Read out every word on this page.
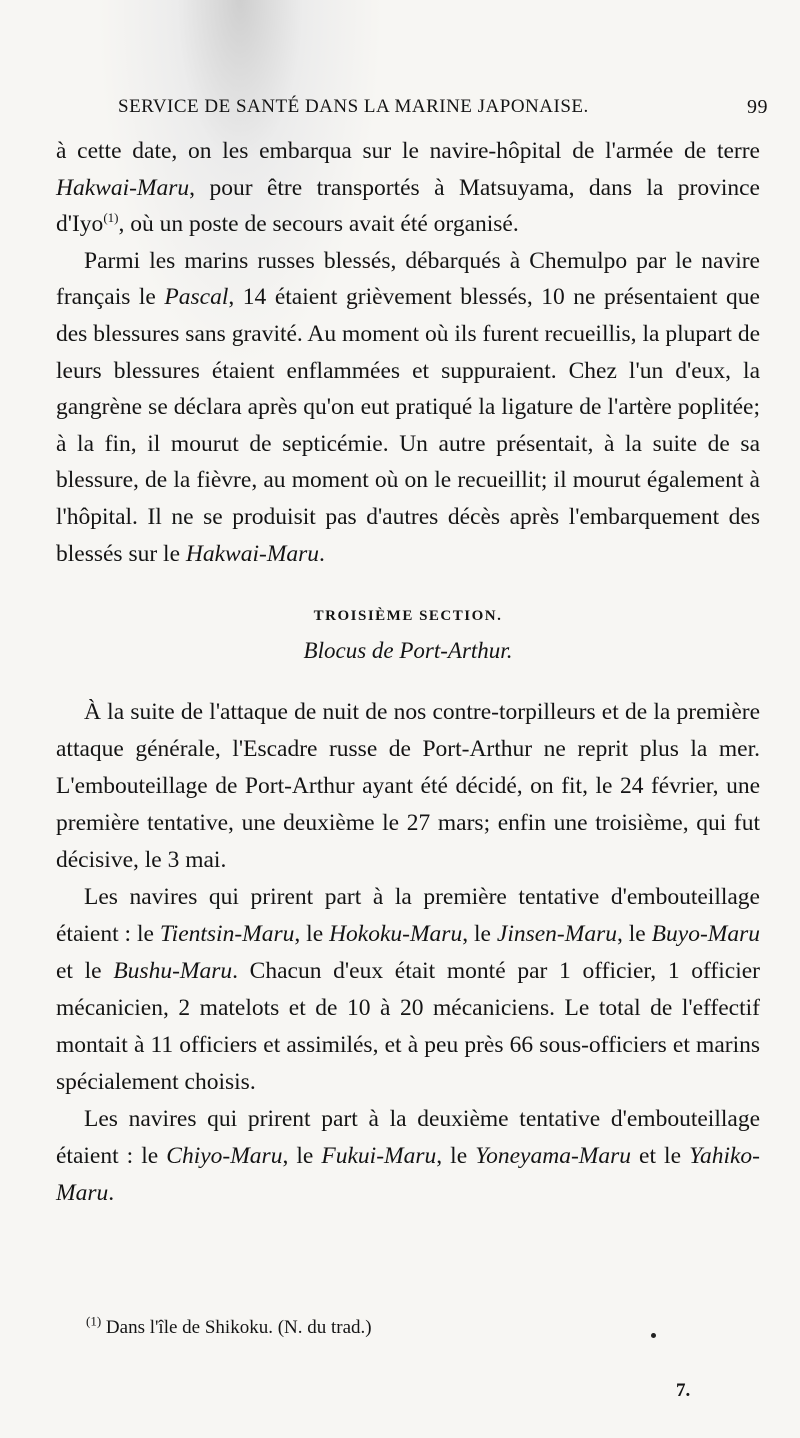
SERVICE DE SANTÉ DANS LA MARINE JAPONAISE.	99

à cette date, on les embarqua sur le navire-hôpital de l'armée de terre Hakwai-Maru, pour être transportés à Matsuyama, dans la province d'Iyo$^{(1)}$, où un poste de secours avait été organisé.

Parmi les marins russes blessés, débarqués à Chemulpo par le navire français le Pascal, 14 étaient grièvement blessés, 10 ne présentaient que des blessures sans gravité. Au moment où ils furent recueillis, la plupart de leurs blessures étaient enflammées et suppuraient. Chez l'un d'eux, la gangrène se déclara après qu'on eut pratiqué la ligature de l'artère poplitée; à la fin, il mourut de septicémie. Un autre présentait, à la suite de sa blessure, de la fièvre, au moment où on le recueillit; il mourut également à l'hôpital. Il ne se produisit pas d'autres décès après l'embarquement des blessés sur le Hakwai-Maru.

TROISIÈME SECTION.
Blocus de Port-Arthur.

À la suite de l'attaque de nuit de nos contre-torpilleurs et de la première attaque générale, l'Escadre russe de Port-Arthur ne reprit plus la mer. L'embouteillage de Port-Arthur ayant été décidé, on fit, le 24 février, une première tentative, une deuxième le 27 mars; enfin une troisième, qui fut décisive, le 3 mai.

Les navires qui prirent part à la première tentative d'embouteillage étaient : le Tientsin-Maru, le Hokoku-Maru, le Jinsen-Maru, le Buyo-Maru et le Bushu-Maru. Chacun d'eux était monté par 1 officier, 1 officier mécanicien, 2 matelots et de 10 à 20 mécaniciens. Le total de l'effectif montait à 11 officiers et assimilés, et à peu près 66 sous-officiers et marins spécialement choisis.

Les navires qui prirent part à la deuxième tentative d'embouteillage étaient : le Chiyo-Maru, le Fukui-Maru, le Yoneyama-Maru et le Yahiko-Maru.

$^{(1)}$ Dans l'île de Shikoku. (N. du trad.)
7.
